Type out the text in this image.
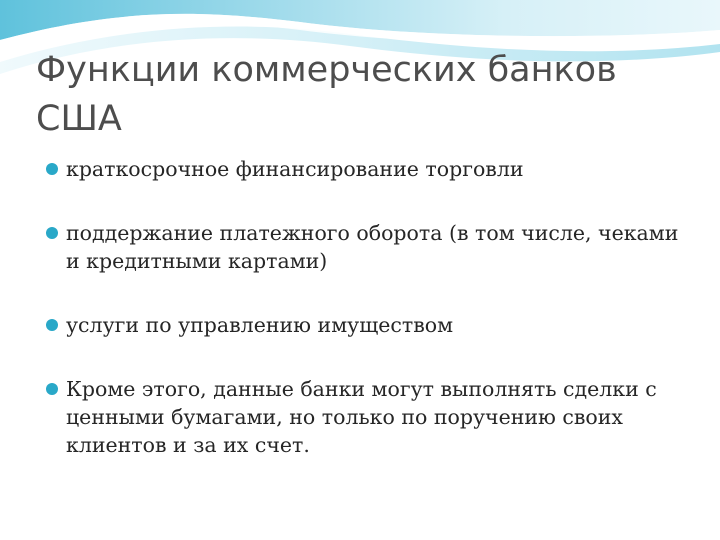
Функции коммерческих банков США
краткосрочное финансирование торговли
поддержание платежного оборота (в том числе, чеками и кредитными картами)
услуги по управлению имуществом
Кроме этого, данные банки могут выполнять сделки с ценными бумагами, но только по поручению своих клиентов и за их счет.
